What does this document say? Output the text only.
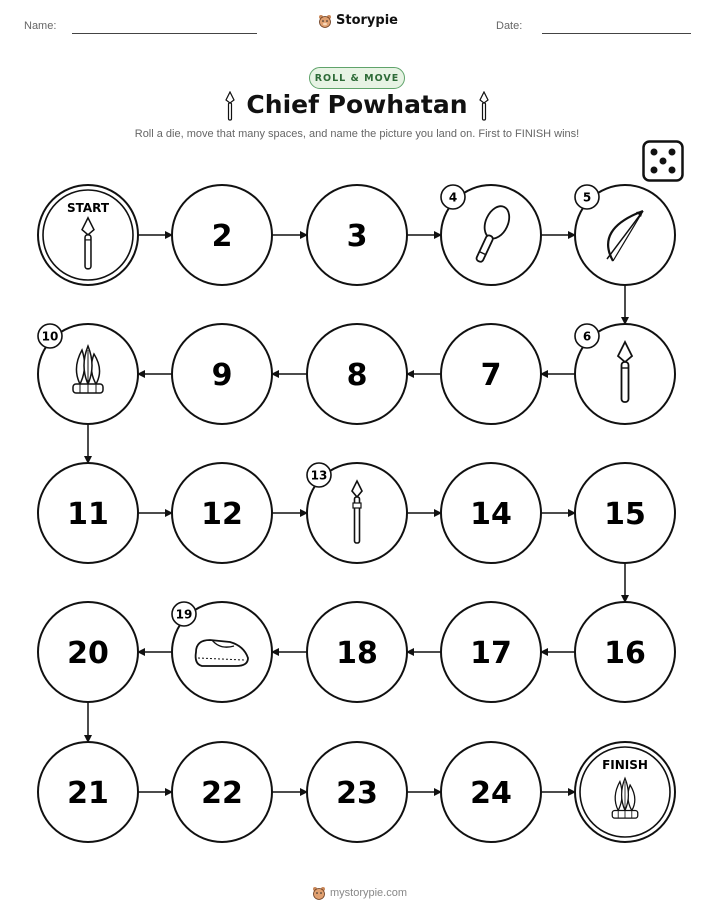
Name:	Storypie	Date:
ROLL & MOVE
Chief Powhatan
Roll a die, move that many spaces, and name the picture you land on. First to FINISH wins!
START
2	3
4	5
6
7
8
9
10
11	12
13
14	15
16
17
18
19
20
21	22	23	24
FINISH
mystorypie.com
